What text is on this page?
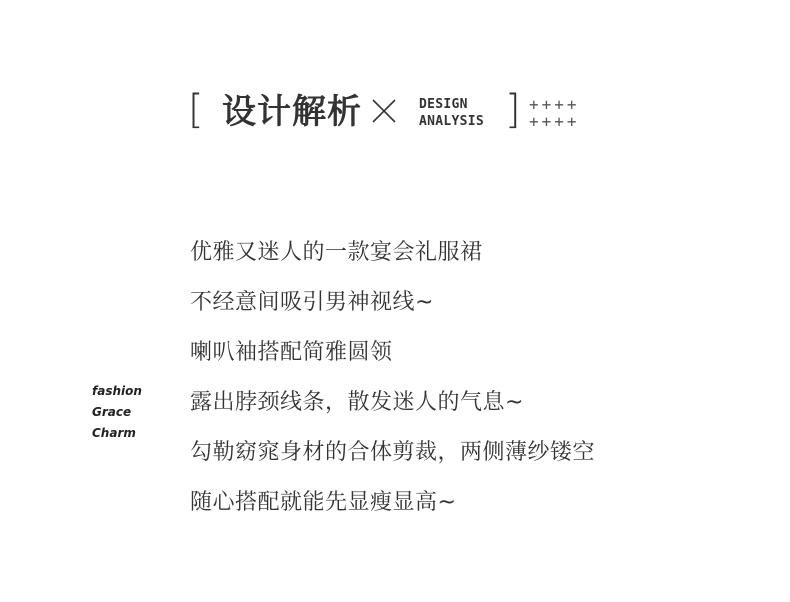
[ 设计解析	DESIGN
ANALYSIS ] ++++
++++
fashion
Grace
Charm
优雅又迷人的一款宴会礼服裙
不经意间吸引男神视线~
喇叭袖搭配简雅圆领
露出脖颈线条，散发迷人的气息~
勾勒窈窕身材的合体剪裁，两侧薄纱镂空
随心搭配就能先显瘦显高~
